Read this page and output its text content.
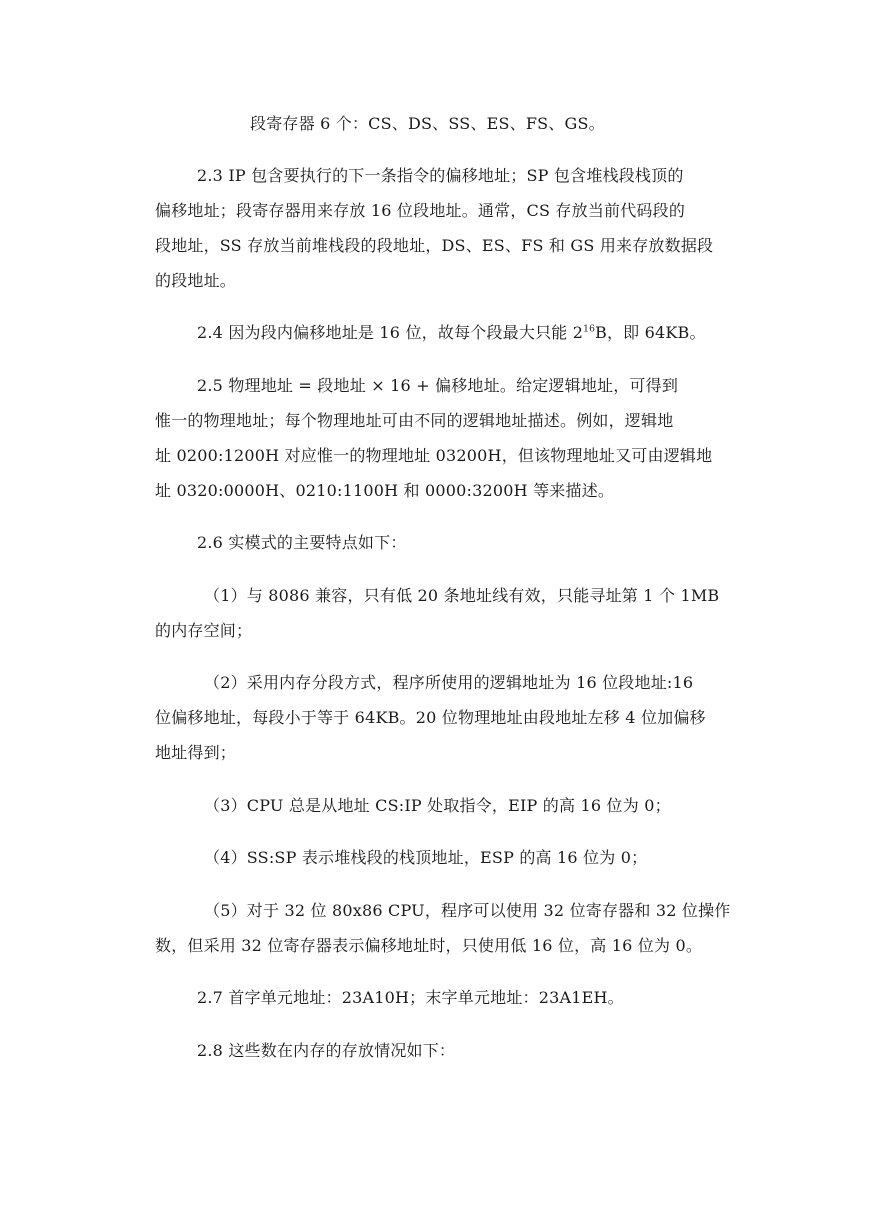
段寄存器 6 个：CS、DS、SS、ES、FS、GS。
2.3 IP 包含要执行的下一条指令的偏移地址；SP 包含堆栈段栈顶的
偏移地址；段寄存器用来存放 16 位段地址。通常，CS 存放当前代码段的
段地址，SS 存放当前堆栈段的段地址，DS、ES、FS 和 GS 用来存放数据段
的段地址。
2.4 因为段内偏移地址是 16 位，故每个段最大只能 $2^{16}B$，即 64KB。
2.5 物理地址 = 段地址 × 16 + 偏移地址。给定逻辑地址，可得到
惟一的物理地址；每个物理地址可由不同的逻辑地址描述。例如，逻辑地
址 0200:1200H 对应惟一的物理地址 03200H，但该物理地址又可由逻辑地
址 0320:0000H、0210:1100H 和 0000:3200H 等来描述。
2.6 实模式的主要特点如下：
（1）与 8086 兼容，只有低 20 条地址线有效，只能寻址第 1 个 1MB
的内存空间；
（2）采用内存分段方式，程序所使用的逻辑地址为 16 位段地址:16
位偏移地址，每段小于等于 64KB。20 位物理地址由段地址左移 4 位加偏移
地址得到；
（3）CPU 总是从地址 CS:IP 处取指令，EIP 的高 16 位为 0；
（4）SS:SP 表示堆栈段的栈顶地址，ESP 的高 16 位为 0；
（5）对于 32 位 80x86 CPU，程序可以使用 32 位寄存器和 32 位操作
数，但采用 32 位寄存器表示偏移地址时，只使用低 16 位，高 16 位为 0。
2.7 首字单元地址：23A10H；末字单元地址：23A1EH。
2.8 这些数在内存的存放情况如下：
